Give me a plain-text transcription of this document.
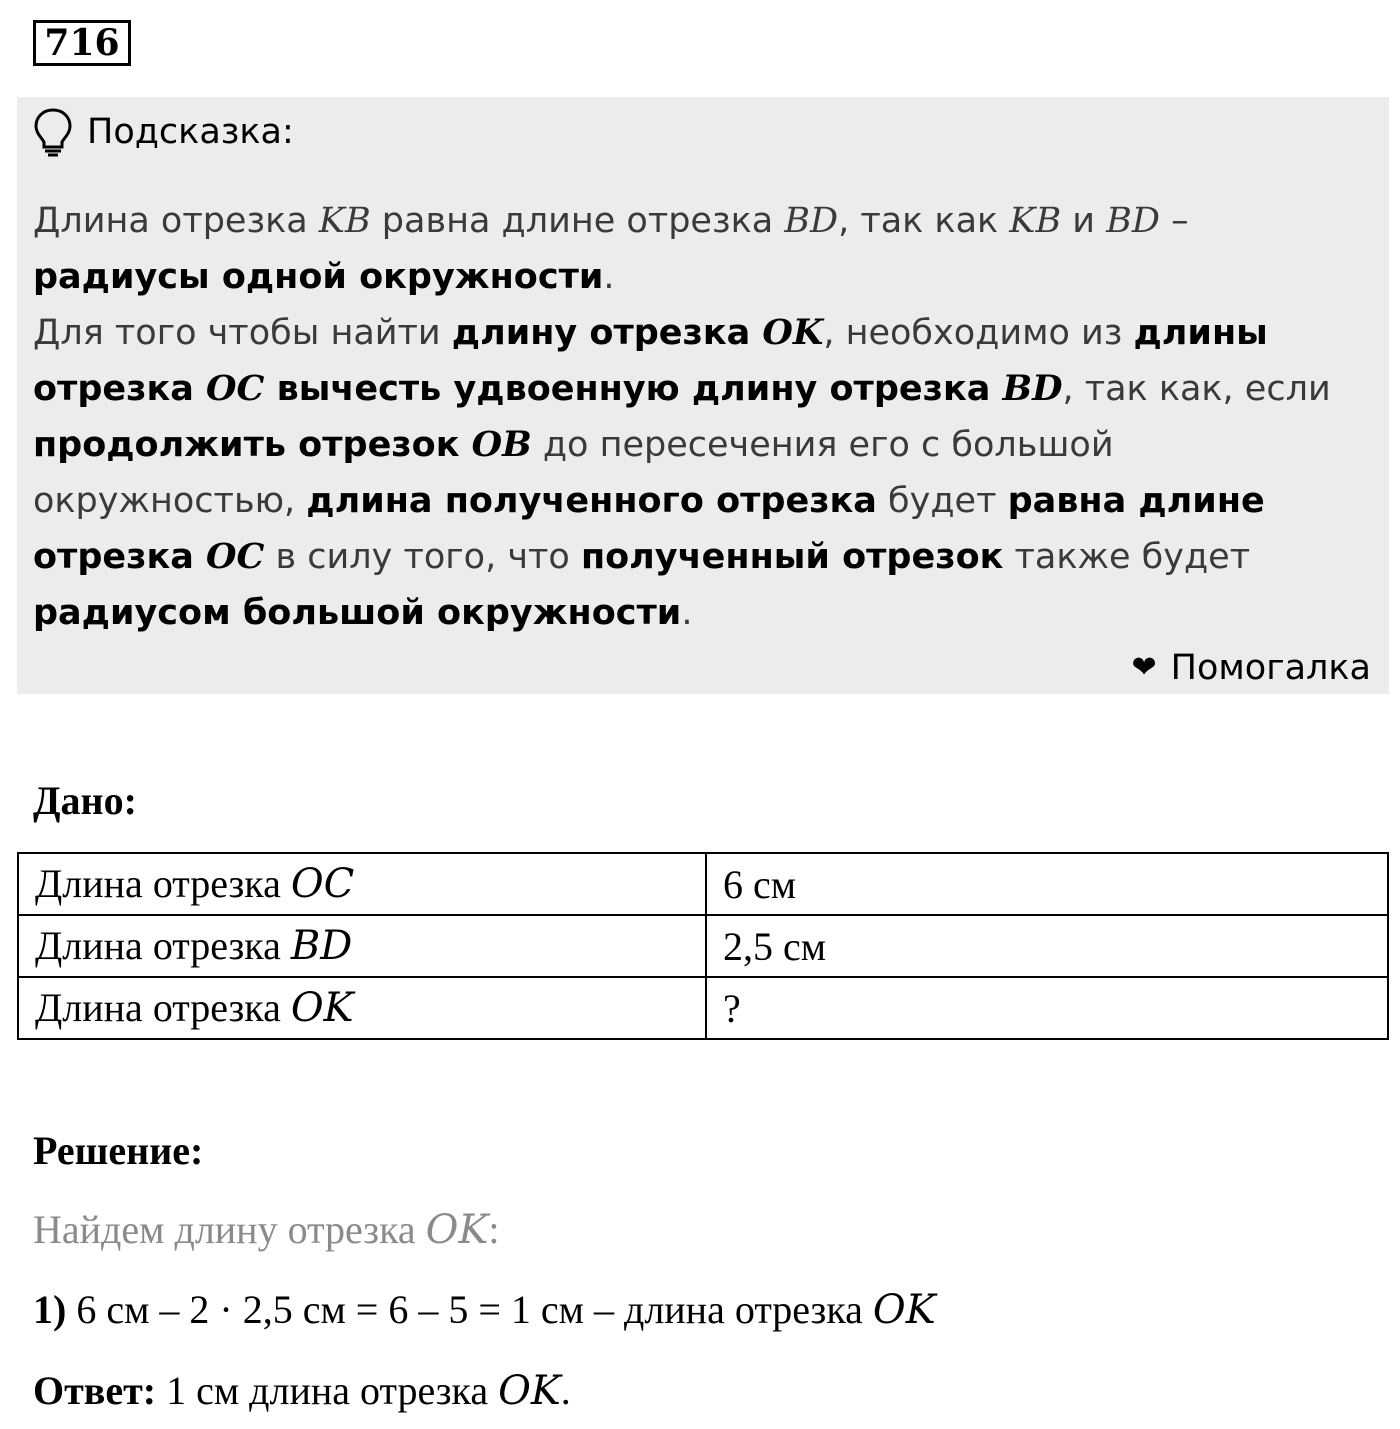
716
Подсказка:

Длина отрезка KB равна длине отрезка BD, так как KB и BD –
радиусы одной окружности.

Для того чтобы найти длину отрезка OK, необходимо из длины отрезка OC вычесть удвоенную длину отрезка BD, так как, если продолжить отрезок OB до пересечения его с большой окружностью, длина полученного отрезка будет равна длине отрезка OC в силу того, что полученный отрезок также будет радиусом большой окружности.

❤ Помогалка
Дано:
Длина отрезка OC	6 см
Длина отрезка BD	2,5 см
Длина отрезка OK	?
Решение:
Найдем длину отрезка OK:
1) 6 см – 2 · 2,5 см = 6 – 5 = 1 см – длина отрезка OK
Ответ: 1 см длина отрезка OK.
